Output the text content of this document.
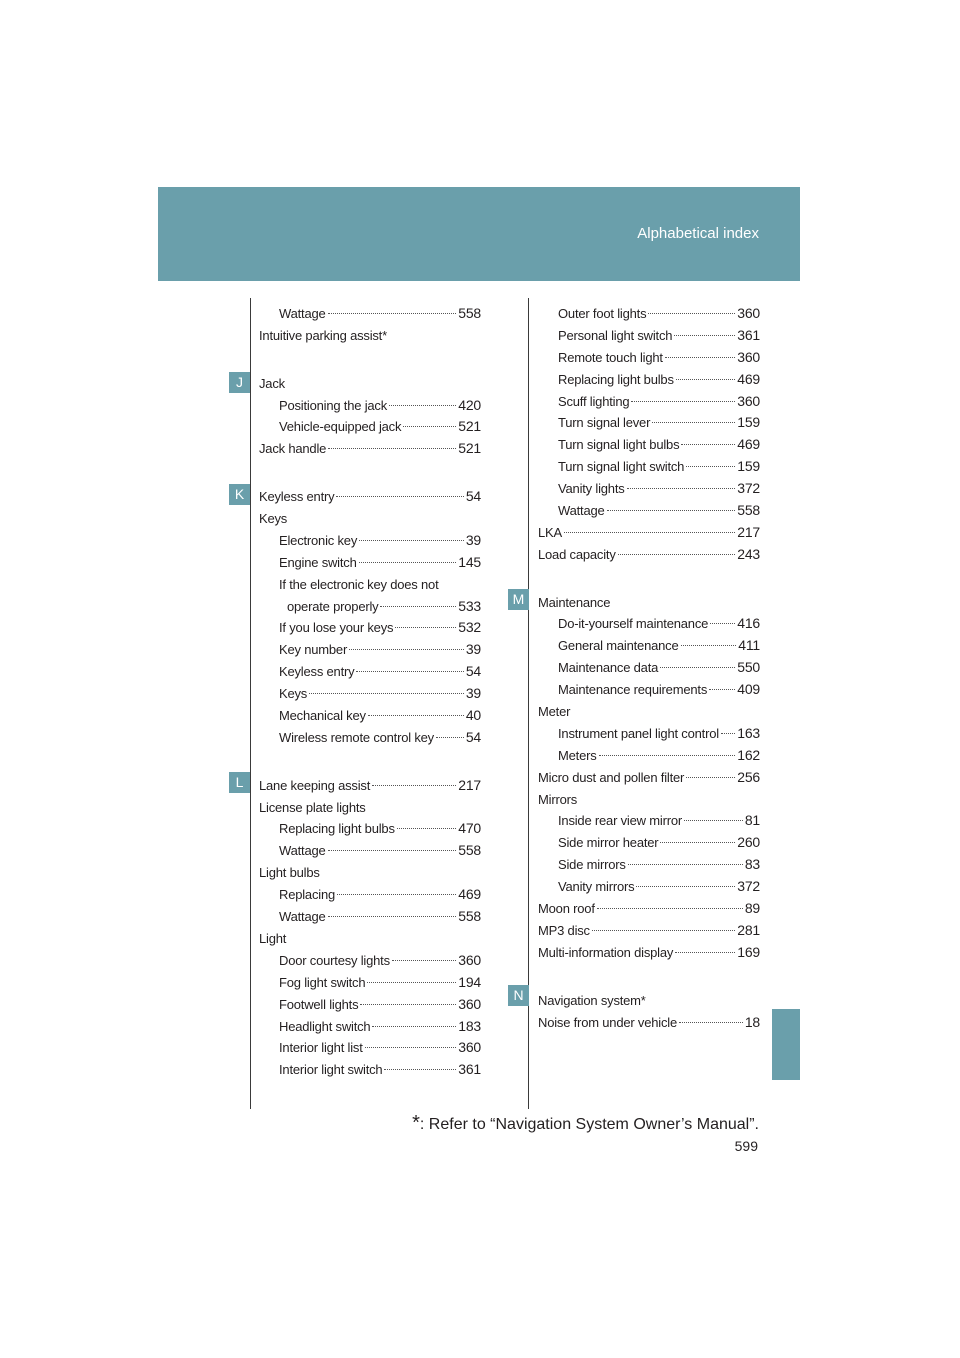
Alphabetical index
J
K
L
M
N
Wattage	558
Intuitive parking assist*
Jack
Positioning the jack	420
Vehicle-equipped jack	521
Jack handle	521
Keyless entry	54
Keys
Electronic key	39
Engine switch	145
If the electronic key does not
operate properly	533
If you lose your keys	532
Key number	39
Keyless entry	54
Keys	39
Mechanical key	40
Wireless remote control key 54
Lane keeping assist	217
License plate lights
Replacing light bulbs	470
Wattage	558
Light bulbs
Replacing	469
Wattage	558
Light
Door courtesy lights	360
Fog light switch	194
Footwell lights	360
Headlight switch	183
Interior light list	360
Interior light switch	361
Outer foot lights	360
Personal light switch	361
Remote touch light	360
Replacing light bulbs	469
Scuff lighting	360
Turn signal lever	159
Turn signal light bulbs	469
Turn signal light switch	159
Vanity lights	372
Wattage	558
LKA	217
Load capacity	243
Maintenance
Do-it-yourself maintenance 416
General maintenance	411
Maintenance data	550
Maintenance requirements 409
Meter
Instrument panel light control 163
Meters	162
Micro dust and pollen filter	256
Mirrors
Inside rear view mirror	81
Side mirror heater	260
Side mirrors	83
Vanity mirrors	372
Moon roof	89
MP3 disc	281
Multi-information display	169
Navigation system*
Noise from under vehicle	18
*: Refer to “Navigation System Owner’s Manual”.
599
